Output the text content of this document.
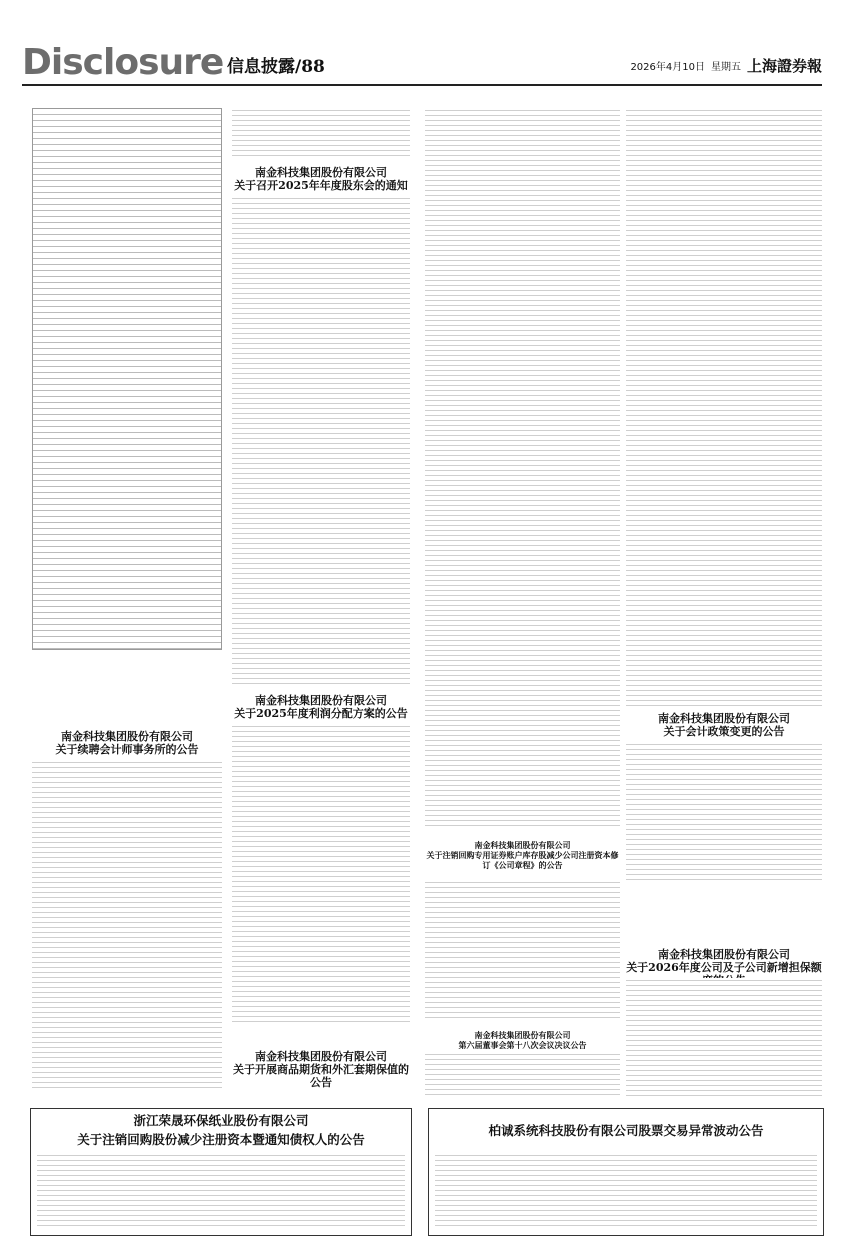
Disclosure 信息披露/88	2026年4月10日 星期五 上海證券報
南金科技集团股份有限公司
关于续聘会计师事务所的公告
南金科技集团股份有限公司
关于召开2025年年度股东会的通知
南金科技集团股份有限公司
关于2025年度利润分配方案的公告
南金科技集团股份有限公司
关于开展商品期货和外汇套期保值的公告
南金科技集团股份有限公司
关于注销回购专用证券账户库存股减少公司注册资本修订《公司章程》的公告
南金科技集团股份有限公司
第六届董事会第十八次会议决议公告
南金科技集团股份有限公司
关于会计政策变更的公告
南金科技集团股份有限公司
关于2026年度公司及子公司新增担保额
浙江荣晟环保纸业股份有限公司
关于注销回购股份减少注册资本暨通知债权人的公告
柏诚系统科技股份有限公司股票交易异常波动公告
